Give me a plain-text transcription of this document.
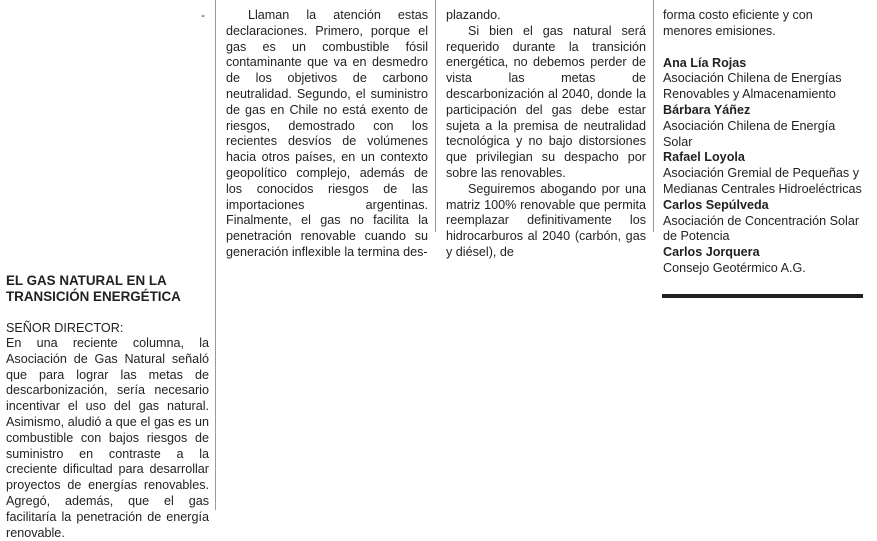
-
EL GAS NATURAL EN LA TRANSICIÓN ENERGÉTICA
SEÑOR DIRECTOR:

En una reciente columna, la Asociación de Gas Natural señaló que para lograr las metas de descarbonización, sería necesario incentivar el uso del gas natural. Asimismo, aludió a que el gas es un combustible con bajos riesgos de suministro en contraste a la creciente dificultad para desarrollar proyectos de energías renovables. Agregó, además, que el gas facilitaría la penetración de energía renovable.

Llaman la atención estas declaraciones. Primero, porque el gas es un combustible fósil contaminante que va en desmedro de los objetivos de carbono neutralidad. Segundo, el suministro de gas en Chile no está exento de riesgos, demostrado con los recientes desvíos de volúmenes hacia otros países, en un contexto geopolítico complejo, además de los conocidos riesgos de las importaciones argentinas. Finalmente, el gas no facilita la penetración renovable cuando su generación inflexible la termina des-

plazando.

Si bien el gas natural será requerido durante la transición energética, no debemos perder de vista las metas de descarbonización al 2040, donde la participación del gas debe estar sujeta a la premisa de neutralidad tecnológica y no bajo distorsiones que privilegian su despacho por sobre las renovables.

Seguiremos abogando por una matriz 100% renovable que permita reemplazar definitivamente los hidrocarburos al 2040 (carbón, gas y diésel), de

forma costo eficiente y con menores emisiones.

Ana Lía Rojas

Asociación Chilena de Energías Renovables y Almacenamiento

Bárbara Yáñez

Asociación Chilena de Energía Solar

Rafael Loyola

Asociación Gremial de Pequeñas y Medianas Centrales Hidroeléctricas

Carlos Sepúlveda

Asociación de Concentración Solar de Potencia

Carlos Jorquera

Consejo Geotérmico A.G.
